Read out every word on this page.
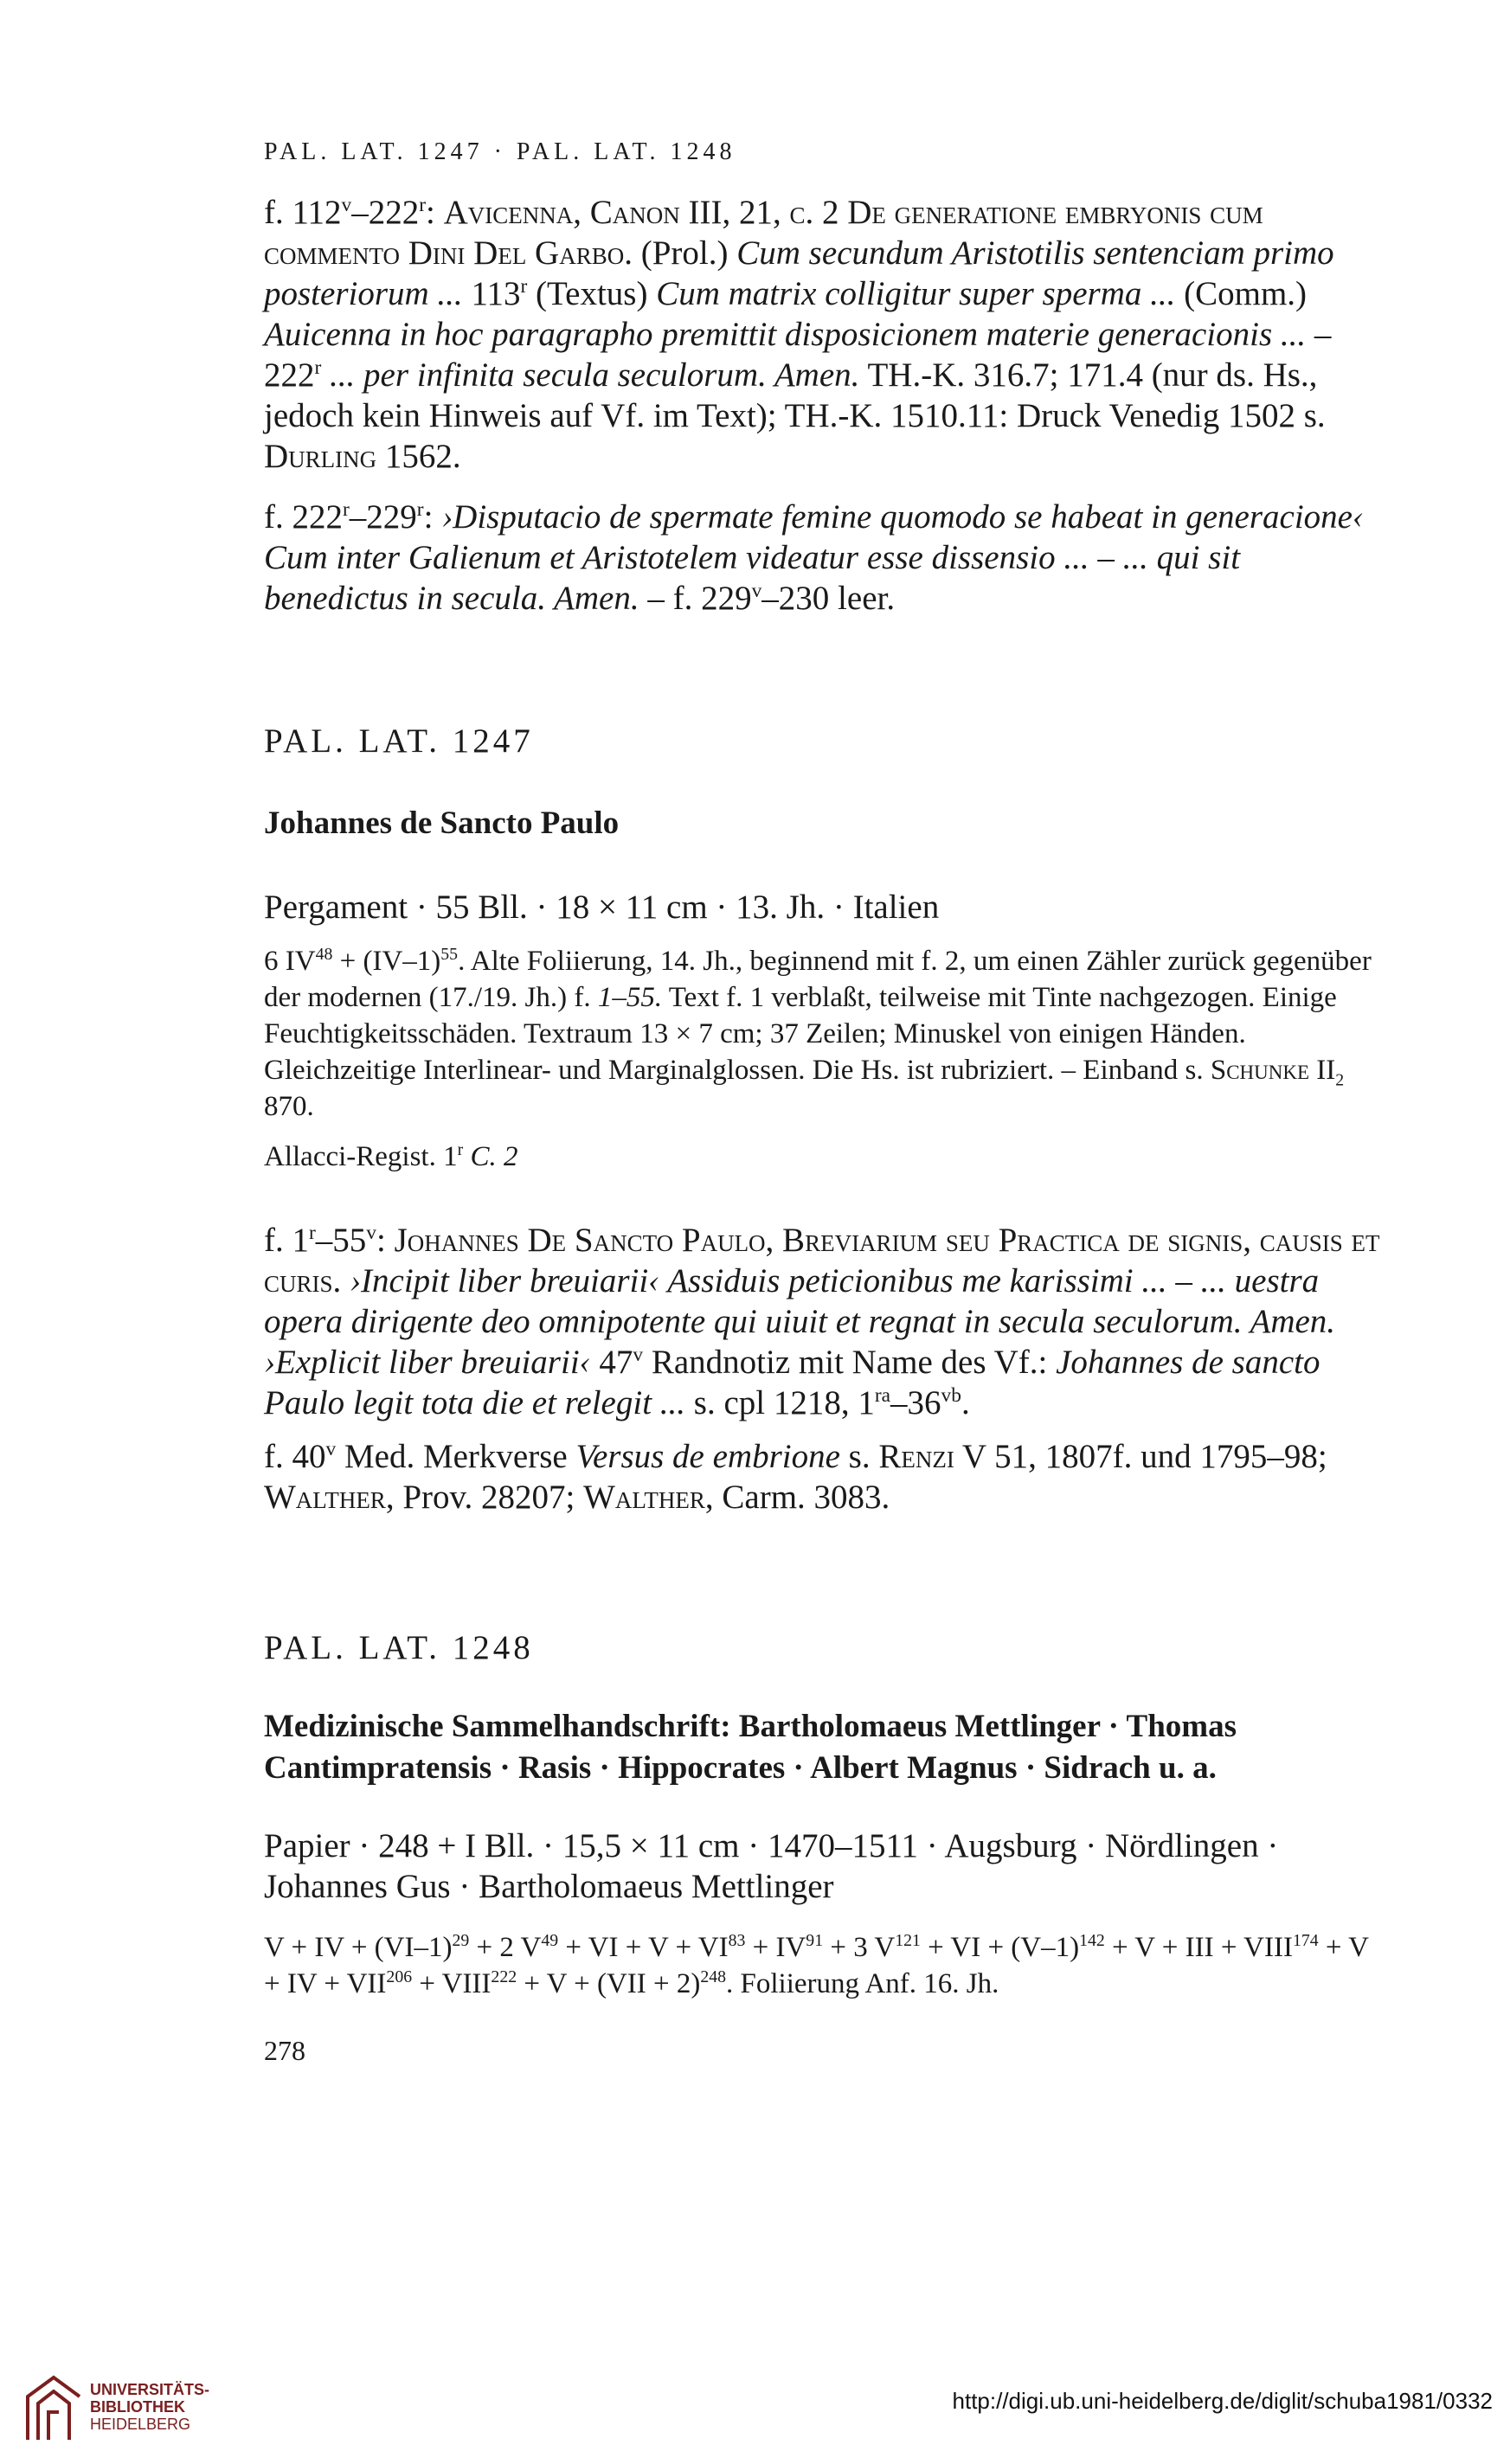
PAL. LAT. 1247 · PAL. LAT. 1248

f. 112$^v$–222$^r$: Avicenna, Canon III, 21, c. 2 De generatione embryonis cum commento Dini Del Garbo. (Prol.) Cum secundum Aristotilis sentenciam primo posteriorum ... 113$^r$ (Textus) Cum matrix colligitur super sperma ... (Comm.) Auicenna in hoc paragrapho premittit disposicionem materie generacionis ... – 222$^r$ ... per infinita secula seculorum. Amen. TH.-K. 316.7; 171.4 (nur ds. Hs., jedoch kein Hinweis auf Vf. im Text); TH.-K. 1510.11: Druck Venedig 1502 s. Durling 1562.

f. 222$^r$–229$^r$: ›Disputacio de spermate femine quomodo se habeat in generacione‹ Cum inter Galienum et Aristotelem videatur esse dissensio ... – ... qui sit benedictus in secula. Amen. – f. 229$^v$–230 leer.

PAL. LAT. 1247
Johannes de Sancto Paulo
Pergament · 55 Bll. · 18 × 11 cm · 13. Jh. · Italien

6 $IV^{48} + (IV-1)^{55}$. Alte Foliierung, 14. Jh., beginnend mit f. 2, um einen Zähler zurück gegenüber der modernen (17./19. Jh.) f. 1–55. Text f. 1 verblaßt, teilweise mit Tinte nachgezogen. Einige Feuchtigkeitsschäden. Textraum 13 × 7 cm; 37 Zeilen; Minuskel von einigen Händen. Gleichzeitige Interlinear- und Marginalglossen. Die Hs. ist rubriziert. – Einband s. Schunke $II_2$ 870.

Allacci-Regist. 1$^r$ C. 2

f. 1$^r$–55$^v$: Johannes De Sancto Paulo, Breviarium seu Practica de signis, causis et curis. ›Incipit liber breuiarii‹ Assiduis peticionibus me karissimi ... – ... uestra opera dirigente deo omnipotente qui uiuit et regnat in secula seculorum. Amen. ›Explicit liber breuiarii‹ 47$^v$ Randnotiz mit Name des Vf.: Johannes de sancto Paulo legit tota die et relegit ... s. cpl 1218, $1^{ra}-36^{vb}$.

f. 40$^v$ Med. Merkverse Versus de embrione s. Renzi V 51, 1807f. und 1795–98; Walther, Prov. 28207; Walther, Carm. 3083.

PAL. LAT. 1248
Medizinische Sammelhandschrift: Bartholomaeus Mettlinger · Thomas Cantimpratensis · Rasis · Hippocrates · Albert Magnus · Sidrach u. a.
Papier · 248 + I Bll. · 15,5 × 11 cm · 1470–1511 · Augsburg · Nördlingen · Johannes Gus · Bartholomaeus Mettlinger

V + IV + $(VI-1)^{29} + 2$ $V^{49}$ + VI + $V + VI^{83} + IV^{91} + 3$ $V^{121}$ + VI + $(V-1)^{142} + V$ + III + $VIII^{174} + V$ + IV + $VII^{206}$ + $VIII^{222} + V + (VII + 2)^{248}$. Foliierung Anf. 16. Jh.

278
UNIVERSITÄTS-
BIBLIOTHEK
HEIDELBERG
http://digi.ub.uni-heidelberg.de/diglit/schuba1981/0332
